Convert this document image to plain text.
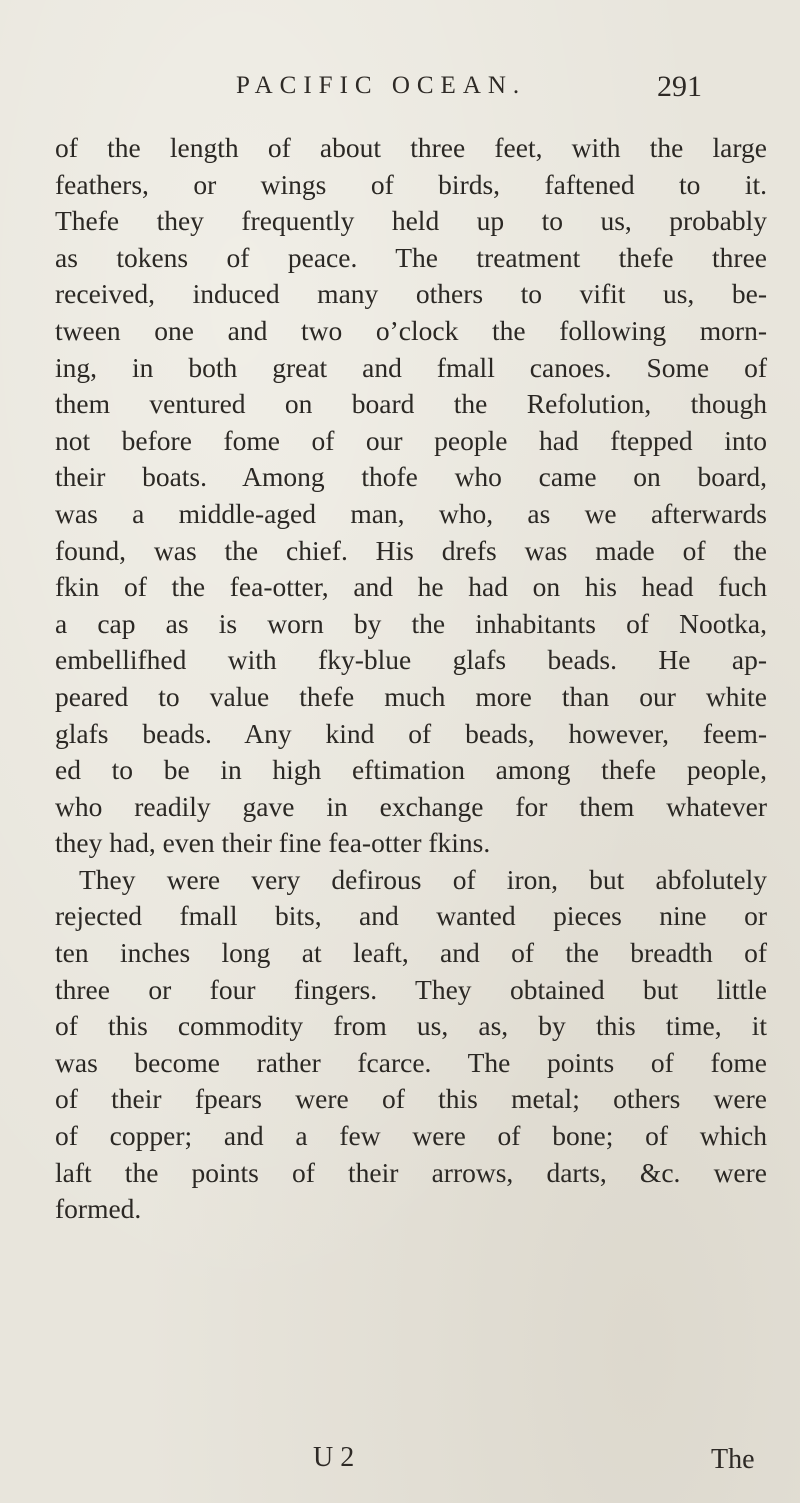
PACIFIC OCEAN.	291
of the length of about three feet, with the large
feathers, or wings of birds, faftened to it.
Thefe they frequently held up to us, probably
as tokens of peace. The treatment thefe three
received, induced many others to vifit us, be-
tween one and two o’clock the following morn-
ing, in both great and fmall canoes. Some of
them ventured on board the Refolution, though
not before fome of our people had ftepped into
their boats. Among thofe who came on board,
was a middle-aged man, who, as we afterwards
found, was the chief. His drefs was made of the
fkin of the fea-otter, and he had on his head fuch
a cap as is worn by the inhabitants of Nootka,
embellifhed with fky-blue glafs beads. He ap-
peared to value thefe much more than our white
glafs beads. Any kind of beads, however, feem-
ed to be in high eftimation among thefe people,
who readily gave in exchange for them whatever
they had, even their fine fea-otter fkins.
They were very defirous of iron, but abfolutely
rejected fmall bits, and wanted pieces nine or
ten inches long at leaft, and of the breadth of
three or four fingers. They obtained but little
of this commodity from us, as, by this time, it
was become rather fcarce. The points of fome
of their fpears were of this metal; others were
of copper; and a few were of bone; of which
laft the points of their arrows, darts, &c. were
formed.
U 2	The
